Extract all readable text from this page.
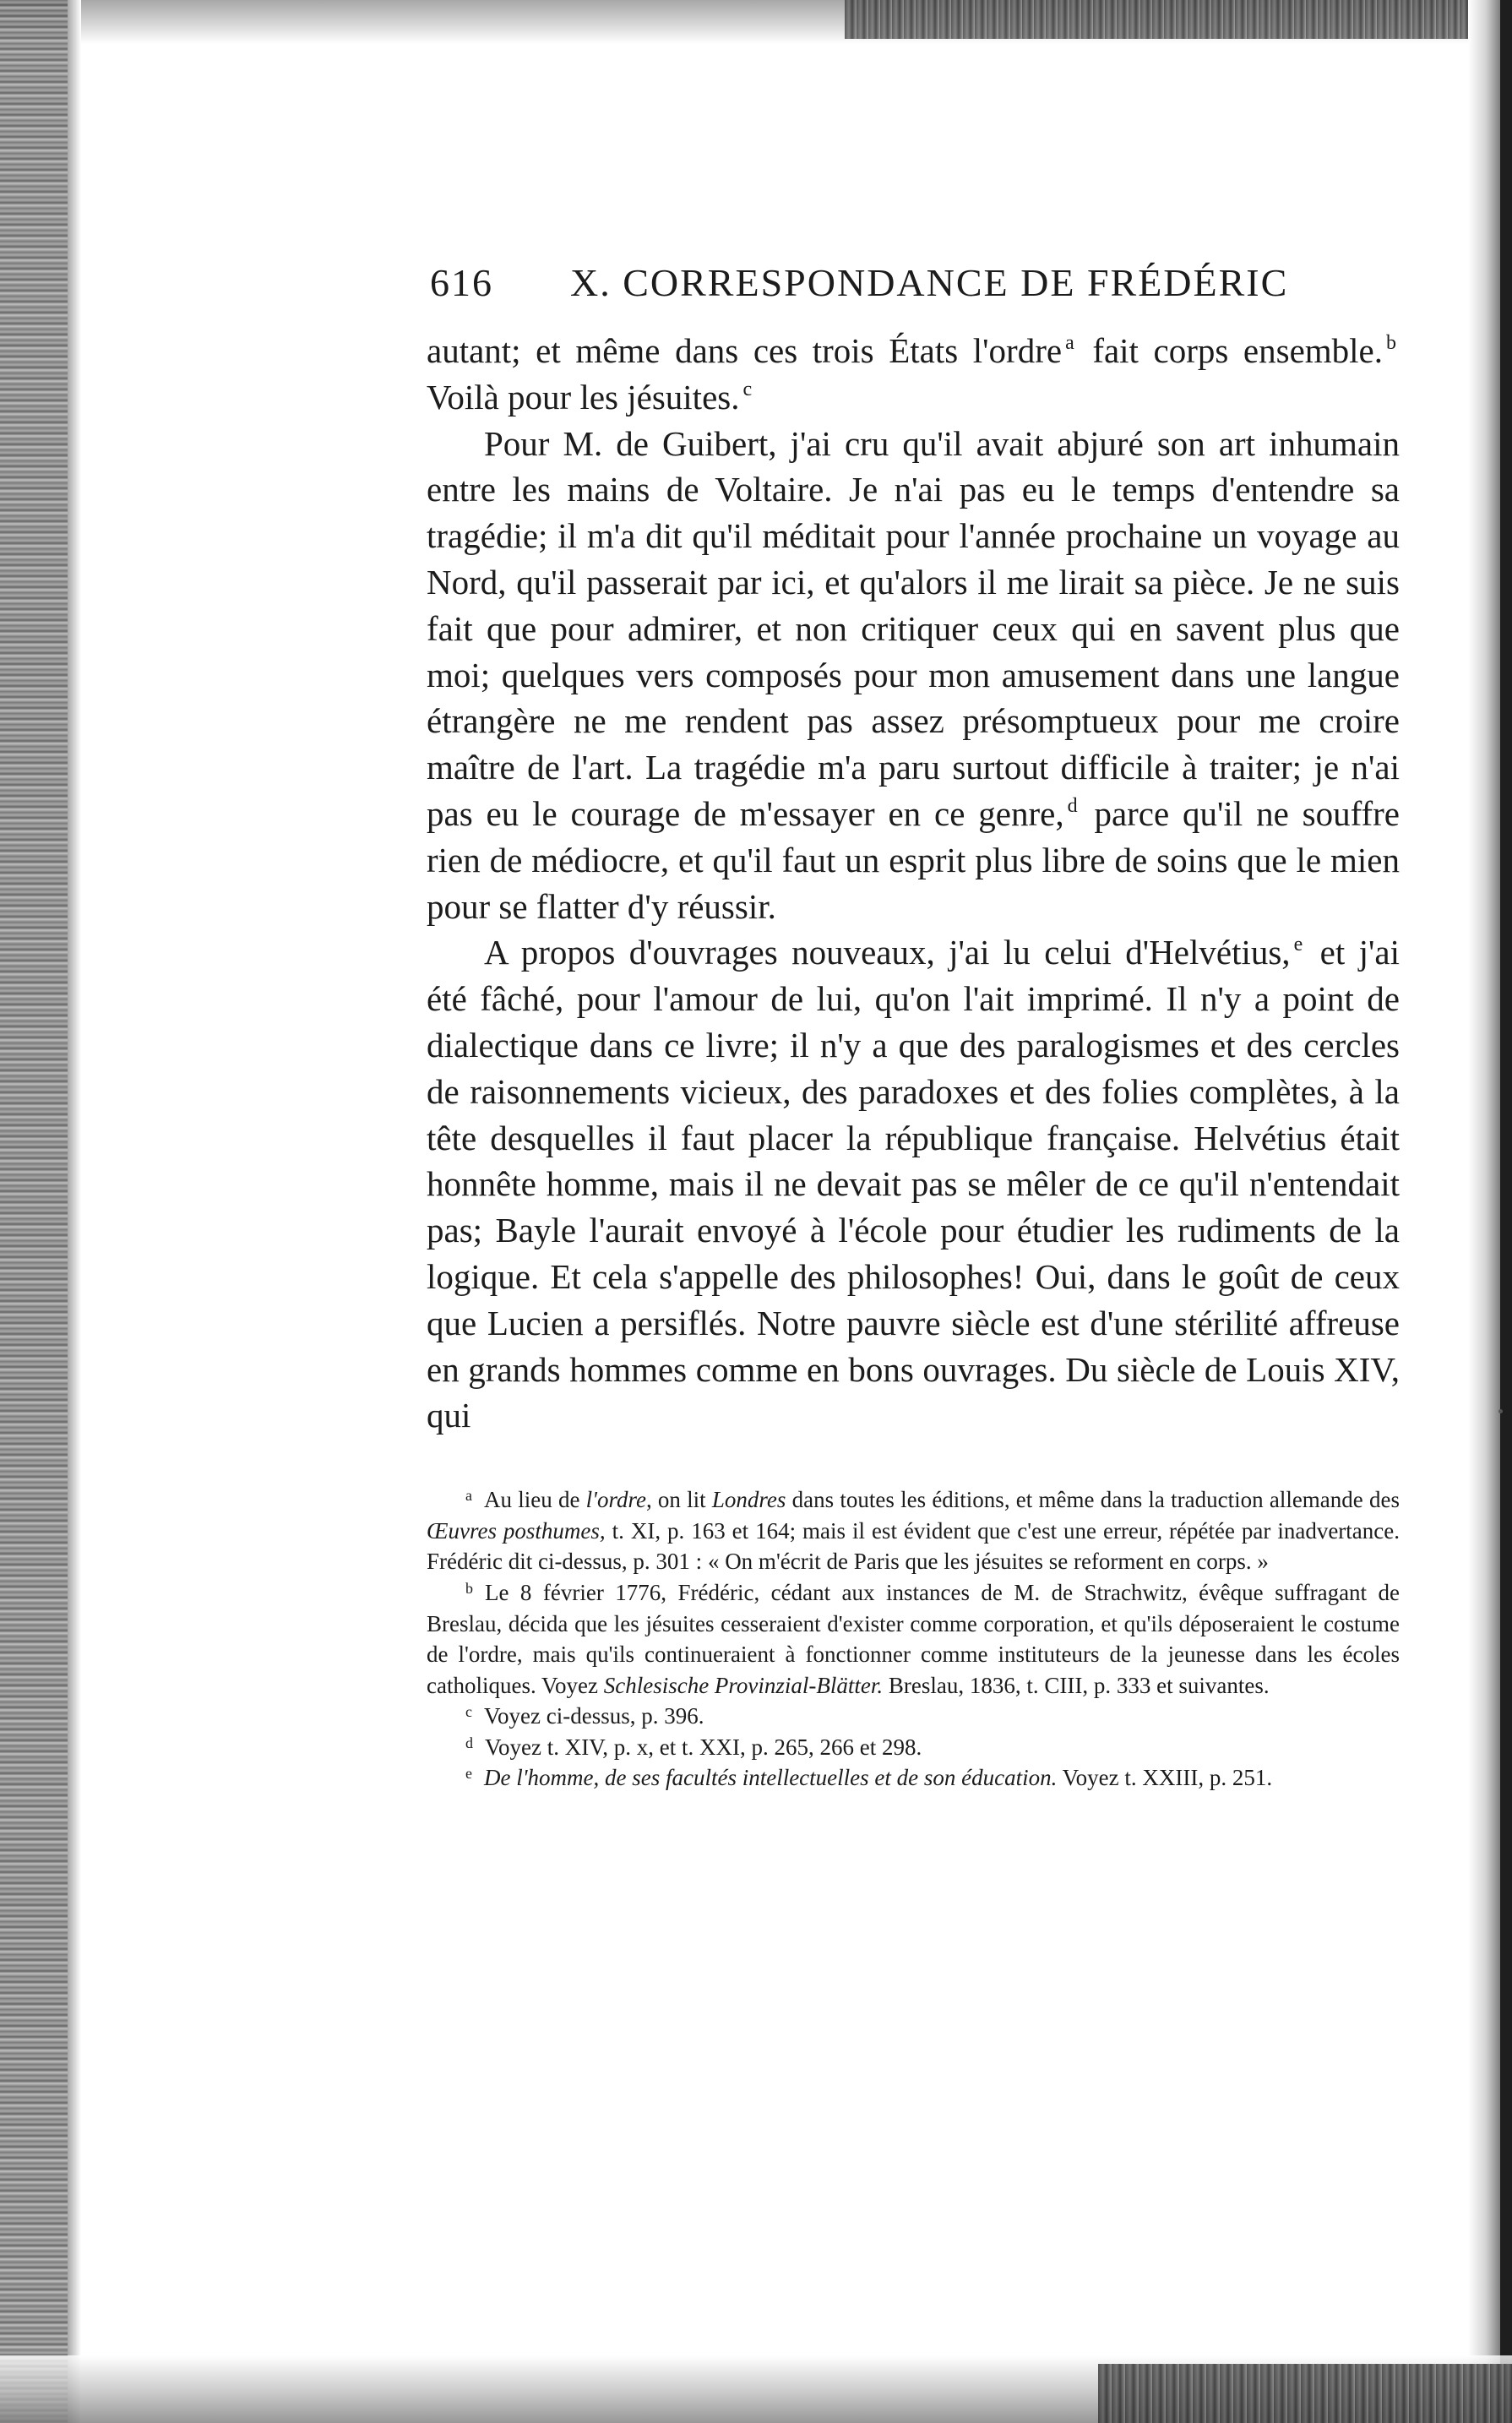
616 X. CORRESPONDANCE DE FRÉDÉRIC

autant; et même dans ces trois États l'ordre $^a$ fait corps ensemble. $^b$ Voilà pour les jésuites. $^c$

Pour M. de Guibert, j'ai cru qu'il avait abjuré son art inhumain entre les mains de Voltaire. Je n'ai pas eu le temps d'entendre sa tragédie; il m'a dit qu'il méditait pour l'année prochaine un voyage au Nord, qu'il passerait par ici, et qu'alors il me lirait sa pièce. Je ne suis fait que pour admirer, et non critiquer ceux qui en savent plus que moi; quelques vers composés pour mon amusement dans une langue étrangère ne me rendent pas assez présomptueux pour me croire maître de l'art. La tragédie m'a paru surtout difficile à traiter; je n'ai pas eu le courage de m'essayer en ce genre, $^d$ parce qu'il ne souffre rien de médiocre, et qu'il faut un esprit plus libre de soins que le mien pour se flatter d'y réussir.

A propos d'ouvrages nouveaux, j'ai lu celui d'Helvétius, $^e$ et j'ai été fâché, pour l'amour de lui, qu'on l'ait imprimé. Il n'y a point de dialectique dans ce livre; il n'y a que des paralogismes et des cercles de raisonnements vicieux, des paradoxes et des folies complètes, à la tête desquelles il faut placer la république française. Helvétius était honnête homme, mais il ne devait pas se mêler de ce qu'il n'entendait pas; Bayle l'aurait envoyé à l'école pour étudier les rudiments de la logique. Et cela s'appelle des philosophes! Oui, dans le goût de ceux que Lucien a persiflés. Notre pauvre siècle est d'une stérilité affreuse en grands hommes comme en bons ouvrages. Du siècle de Louis XIV, qui

$^a$ Au lieu de l'ordre, on lit Londres dans toutes les éditions, et même dans la traduction allemande des Œuvres posthumes, t. XI, p. 163 et 164; mais il est évident que c'est une erreur, répétée par inadvertance. Frédéric dit ci-dessus, p. 301 : « On m'écrit de Paris que les jésuites se reforment en corps. »

$^b$ Le 8 février 1776, Frédéric, cédant aux instances de M. de Strachwitz, évêque suffragant de Breslau, décida que les jésuites cesseraient d'exister comme corporation, et qu'ils déposeraient le costume de l'ordre, mais qu'ils continueraient à fonctionner comme instituteurs de la jeunesse dans les écoles catholiques. Voyez Schlesische Provinzial-Blätter. Breslau, 1836, t. CIII, p. 333 et suivantes.

$^c$ Voyez ci-dessus, p. 396.

$^d$ Voyez t. XIV, p. x, et t. XXI, p. 265, 266 et 298.

$^e$ De l'homme, de ses facultés intellectuelles et de son éducation. Voyez t. XXIII, p. 251.
